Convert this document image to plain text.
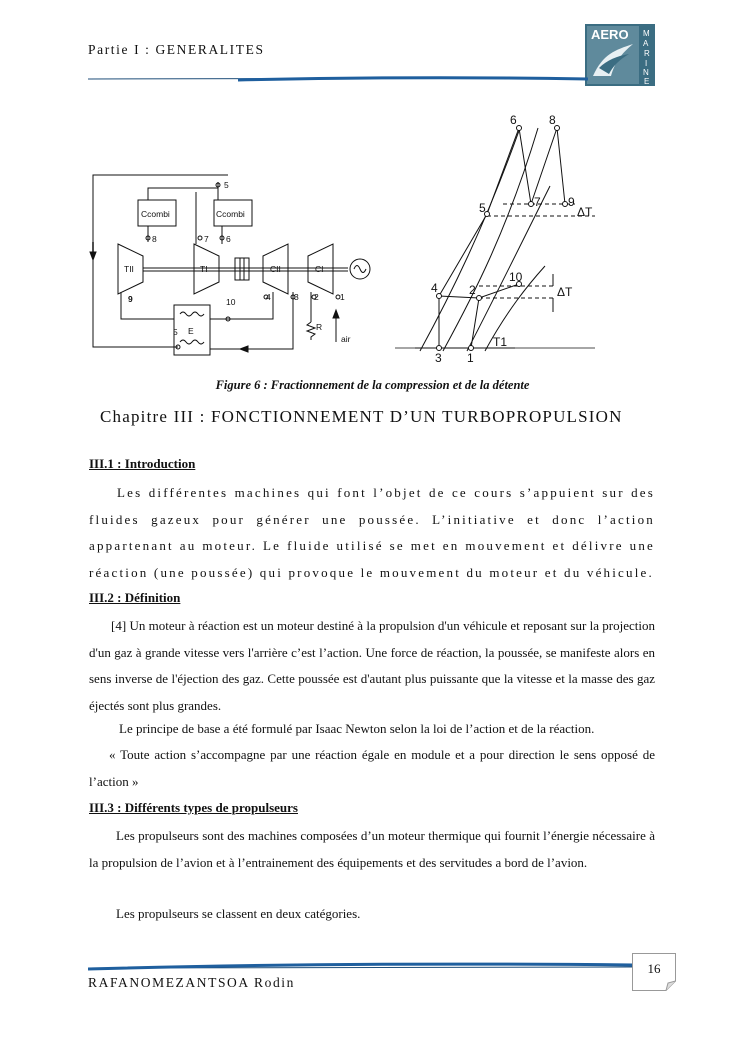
Partie I : GENERALITES
AERO M
A
R
I
N
E
Ccombi	Ccombi
5
8	7 6
TII	TI	CII	CI
9
E
10	4
5
3
R
2	1
air
6	8
5	7 9
ΔT
10
4	2	ΔT
T1
3 1
Figure 6 : Fractionnement de la compression et de la détente
Chapitre III : FONCTIONNEMENT D’UN TURBOPROPULSION
III.1 : Introduction
Les différentes machines qui font l’objet de ce cours s’appuient sur des fluides gazeux pour générer une poussée. L’initiative et donc l’action appartenant au moteur. Le fluide utilisé se met en mouvement et délivre une réaction (une poussée) qui provoque le mouvement du moteur et du véhicule.
III.2 : Définition
[4] Un moteur à réaction est un moteur destiné à la propulsion d'un véhicule et reposant sur la projection d'un gaz à grande vitesse vers l'arrière c’est l’action. Une force de réaction, la poussée, se manifeste alors en sens inverse de l'éjection des gaz. Cette poussée est d'autant plus puissante que la vitesse et la masse des gaz éjectés sont plus grandes.
Le principe de base a été formulé par Isaac Newton selon la loi de l’action et de la réaction.
« Toute action s’accompagne par une réaction égale en module et a pour direction le sens opposé de l’action »
III.3 : Différents types de propulseurs
Les propulseurs sont des machines composées d’un moteur thermique qui fournit l’énergie nécessaire à la propulsion de l’avion et à l’entrainement des équipements et des servitudes a bord de l’avion.
Les propulseurs se classent en deux catégories.
16
RAFANOMEZANTSOA Rodin
